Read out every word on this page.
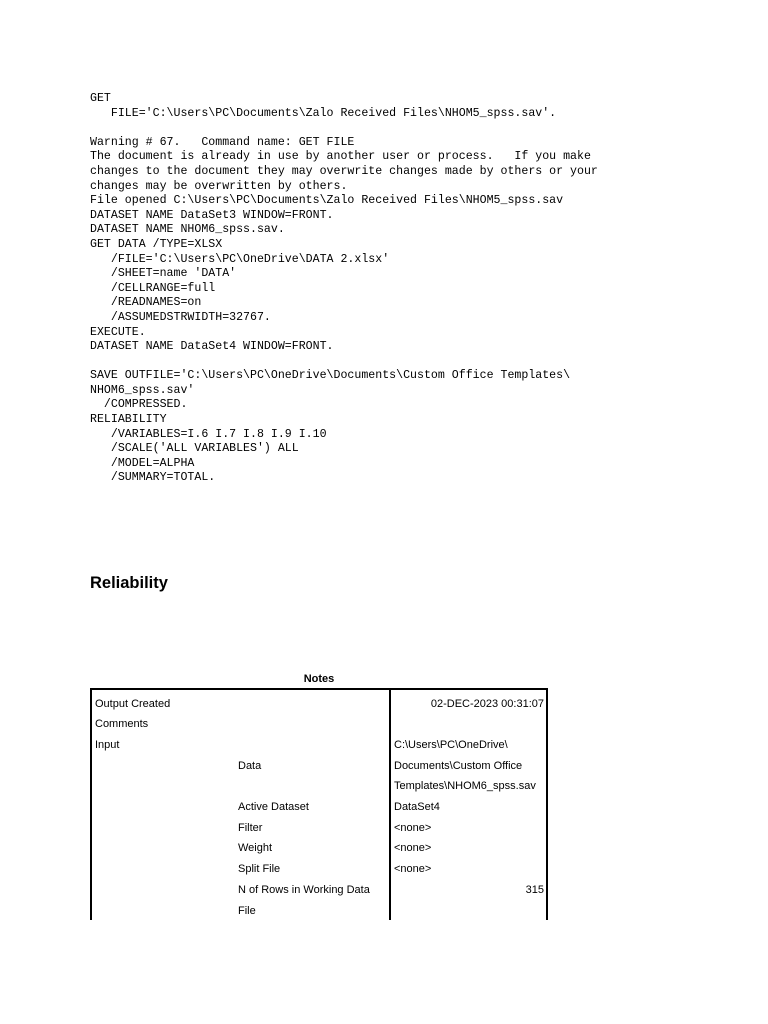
GET
FILE='C:\Users\PC\Documents\Zalo Received Files\NHOM5_spss.sav'.
Warning # 67.   Command name: GET FILE
The document is already in use by another user or process.   If you make
changes to the document they may overwrite changes made by others or your
changes may be overwritten by others.
File opened C:\Users\PC\Documents\Zalo Received Files\NHOM5_spss.sav
DATASET NAME DataSet3 WINDOW=FRONT.
DATASET NAME NHOM6_spss.sav.
GET DATA /TYPE=XLSX
/FILE='C:\Users\PC\OneDrive\DATA 2.xlsx'
/SHEET=name 'DATA'
/CELLRANGE=full
/READNAMES=on
/ASSUMEDSTRWIDTH=32767.
EXECUTE.
DATASET NAME DataSet4 WINDOW=FRONT.
SAVE OUTFILE='C:\Users\PC\OneDrive\Documents\Custom Office Templates\
NHOM6_spss.sav'
/COMPRESSED.
RELIABILITY
/VARIABLES=I.6 I.7 I.8 I.9 I.10
/SCALE('ALL VARIABLES') ALL
/MODEL=ALPHA
/SUMMARY=TOTAL.
Reliability
Notes
Output Created	02-DEC-2023 00:31:07
Comments
Input	C:\Users\PC\OneDrive\
Data	Documents\Custom Office
Templates\NHOM6_spss.sav
Active Dataset	DataSet4
Filter	<none>
Weight	<none>
Split File	<none>
N of Rows in Working Data	315
File
